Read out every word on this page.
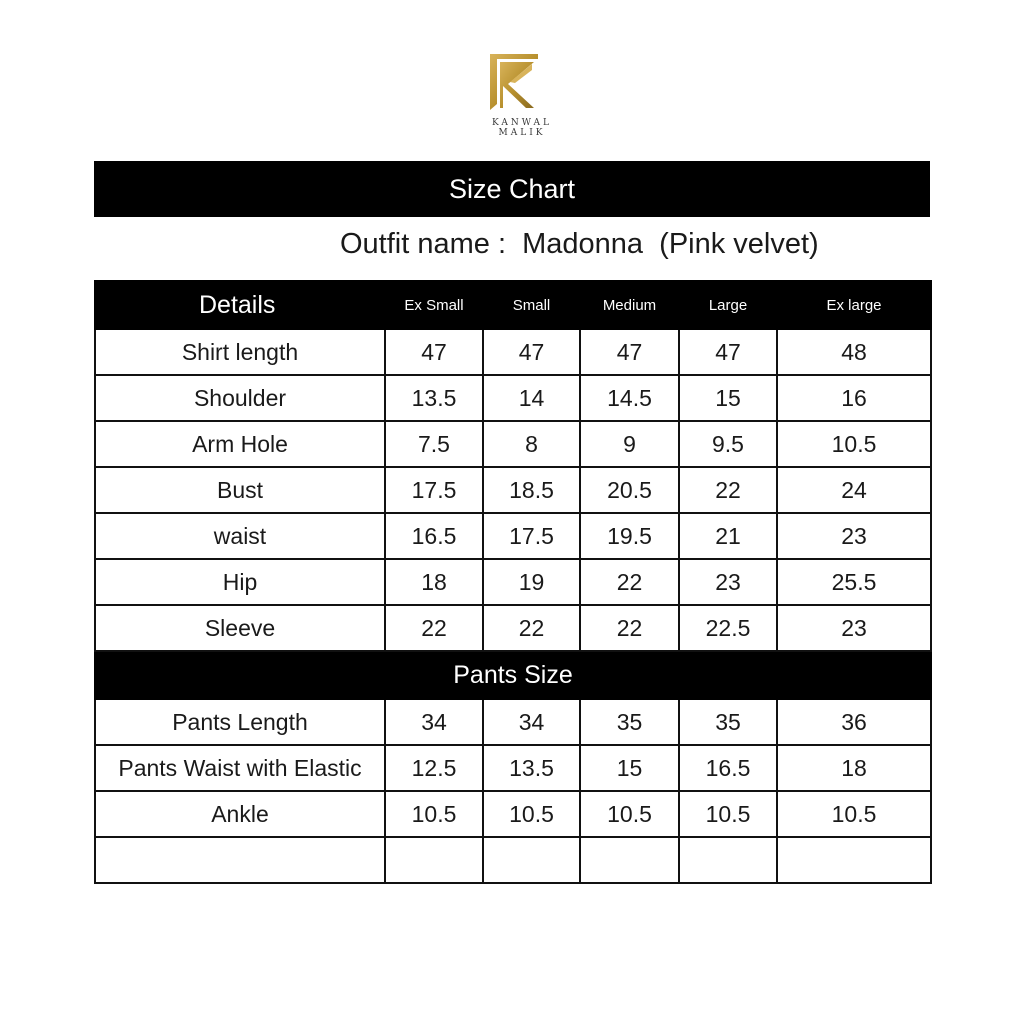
KANWAL MALIK
Size Chart
Outfit name :  Madonna  (Pink velvet)
Details	Ex Small	Small	Medium	Large	Ex large
Shirt length	47	47	47	47	48
Shoulder	13.5	14	14.5	15	16
Arm Hole	7.5	8	9	9.5	10.5
Bust	17.5	18.5	20.5	22	24
waist	16.5	17.5	19.5	21	23
Hip	18	19	22	23	25.5
Sleeve	22	22	22	22.5	23
Pants Size					
Pants Length	34	34	35	35	36
Pants Waist with Elastic	12.5	13.5	15	16.5	18
Ankle	10.5	10.5	10.5	10.5	10.5
